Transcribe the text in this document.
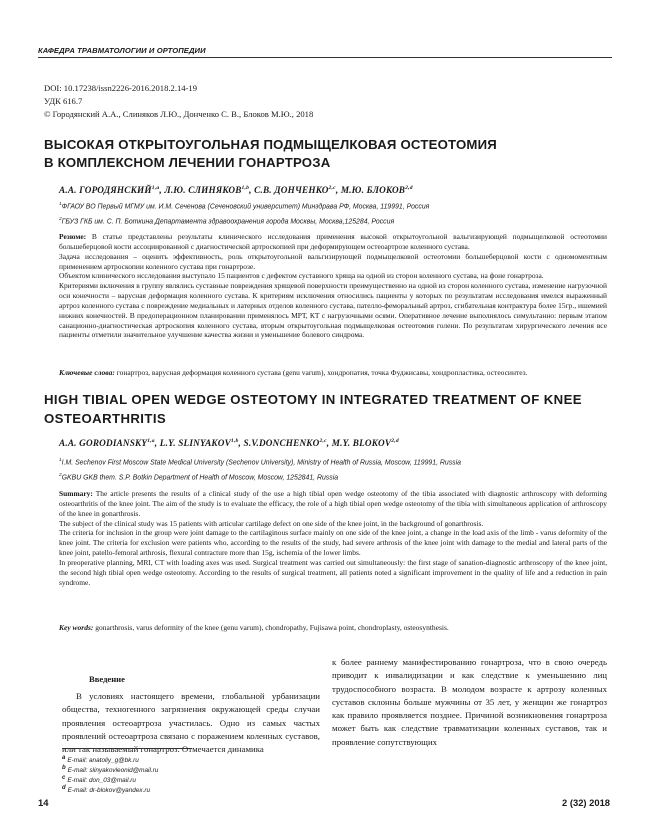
КАФЕДРА ТРАВМАТОЛОГИИ И ОРТОПЕДИИ
DOI: 10.17238/issn2226-2016.2018.2.14-19
УДК 616.7
© Городянский А.А., Слиняков Л.Ю., Донченко С. В., Блоков М.Ю., 2018
ВЫСОКАЯ ОТКРЫТОУГОЛЬНАЯ ПОДМЫЩЕЛКОВАЯ ОСТЕОТОМИЯ
В КОМПЛЕКСНОМ ЛЕЧЕНИИ ГОНАРТРОЗА
А.А. ГОРОДЯНСКИЙ$^{1,a}$, Л.Ю. СЛИНЯКОВ$^{1,b}$, С.В. ДОНЧЕНКО$^{2,c}$, М.Ю. БЛОКОВ$^{2,d}$
$^1$ФГАОУ ВО Первый МГМУ им. И.М. Сеченова (Сеченовский университет) Минздрава РФ, Москва, 119991, Россия
$^2$ГБУЗ ГКБ им. С. П. Боткина Департамента здравоохранения города Москвы, Москва,125284, Россия

Резюме: В статье представлены результаты клинического исследования применения высокой открытоугольной вальгизирующей подмыщелковой остеотомии большеберцовой кости ассоциированной с диагностической артроскопией при деформирующем остеоартрозе коленного сустава.

Задача исследования – оценить эффективность, роль открытоугольной вальгизирующей подмыщелковой остеотомии большеберцовой кости с одномоментным применением артроскопии коленного сустава при гонартрозе.

Объектом клинического исследования выступало 15 пациентов с дефектом суставного хряща на одной из сторон коленного сустава, на фоне гонартроза.

Критериями включения в группу являлись суставные повреждения хрящевой поверхности преимущественно на одной из сторон коленного сустава, изменение нагрузочной оси конечности – варусная деформация коленного сустава. К критериям исключения относились пациенты у которых по результатам исследования имелся выраженный артроз коленного сустава с повреждение медиальных и латерных отделов коленного сустава, пателло-феморальный артроз, сгибательная контрактура более 15гр., ишемией нижних конечностей. В предоперационном планировании применялось МРТ, КТ с нагрузочными осями. Оперативное лечение выполнялось симультанно: первым этапом санационно-диагностическая артроскопия коленного сустава, вторым открытоугольная подмыщелковая остеотомия голени. По результатам хирургического лечения все пациенты отметили значительное улучшение качества жизни и уменьшение болевого синдрома.

Ключевые слова: гонартроз, варусная деформация коленного сустава (genu varum), хондропатия, точка Фуджисавы, хондропластика, остеосинтез.
HIGH TIBIAL OPEN WEDGE OSTEOTOMY IN INTEGRATED TREATMENT OF KNEE
OSTEOARTHRITIS
A.A. GORODIANSKY$^{1,a}$, L.Y. SLINYAKOV$^{1,b}$, S.V.DONCHENKO$^{2,c}$, M.Y. BLOKOV$^{2,d}$
$^1$I.M. Sechenov First Moscow State Medical University (Sechenov University), Ministry of Health of Russia, Moscow, 119991, Russia
$^2$GKBU GKB them. S.P. Botkin Department of Health of Moscow, Moscow, 1252841, Russia

Summary: The article presents the results of a clinical study of the use a high tibial open wedge osteotomy of the tibia associated with diagnostic arthroscopy with deforming osteoarthritis of the knee joint. The aim of the study is to evaluate the efficacy, the role of a high tibial open wedge osteotomy of the tibia with simultaneous application of arthroscopy of the knee in gonarthrosis.

The subject of the clinical study was 15 patients with articular cartilage defect on one side of the knee joint, in the background of gonarthrosis.

The criteria for inclusion in the group were joint damage to the cartilaginous surface mainly on one side of the knee joint, a change in the load axis of the limb - varus deformity of the knee joint. The criteria for exclusion were patients who, according to the results of the study, had severe arthrosis of the knee joint with damage to the medial and lateral parts of the knee joint, patello-femoral arthrosis, flexural contracture more than 15g, ischemia of the lower limbs.

In preoperative planning, MRI, CT with loading axes was used. Surgical treatment was carried out simultaneously: the first stage of sanation-diagnostic arthroscopy of the knee joint, the second high tibial open wedge osteotomy. According to the results of surgical treatment, all patients noted a significant improvement in the quality of life and a reduction in pain syndrome.

Key words: gonarthrosis, varus deformity of the knee (genu varum), chondropathy, Fujisawa point, chondroplasty, osteosynthesis.
Введение

В условиях настоящего времени, глобальной урбанизации общества, техногенного загрязнения окружающей среды случаи проявления остеоартроза участилась. Одно из самых частых проявлений остеоартроза связано с поражением коленных суставов, или так называемый гонартроз. Отмечается динамика

к более раннему манифестированию гонартроза, что в свою очередь приводит к инвалидизации и как следствие к уменьшению лиц трудоспособного возраста. В молодом возрасте к артрозу коленных суставов склонны больше мужчины от 35 лет, у женщин же гонартроз как правило проявляется позднее. Причиной возникновения гонартроза может быть как следствие травматизации коленных суставов, так и проявление сопутствующих

$^a$ E-mail: anatoliy_g@bk.ru
$^b$ E-mail: slinyakovleonid@mail.ru
$^c$ E-mail: don_03@mail.ru
$^d$ E-mail: dr-blokov@yandex.ru
14	2 (32) 2018
